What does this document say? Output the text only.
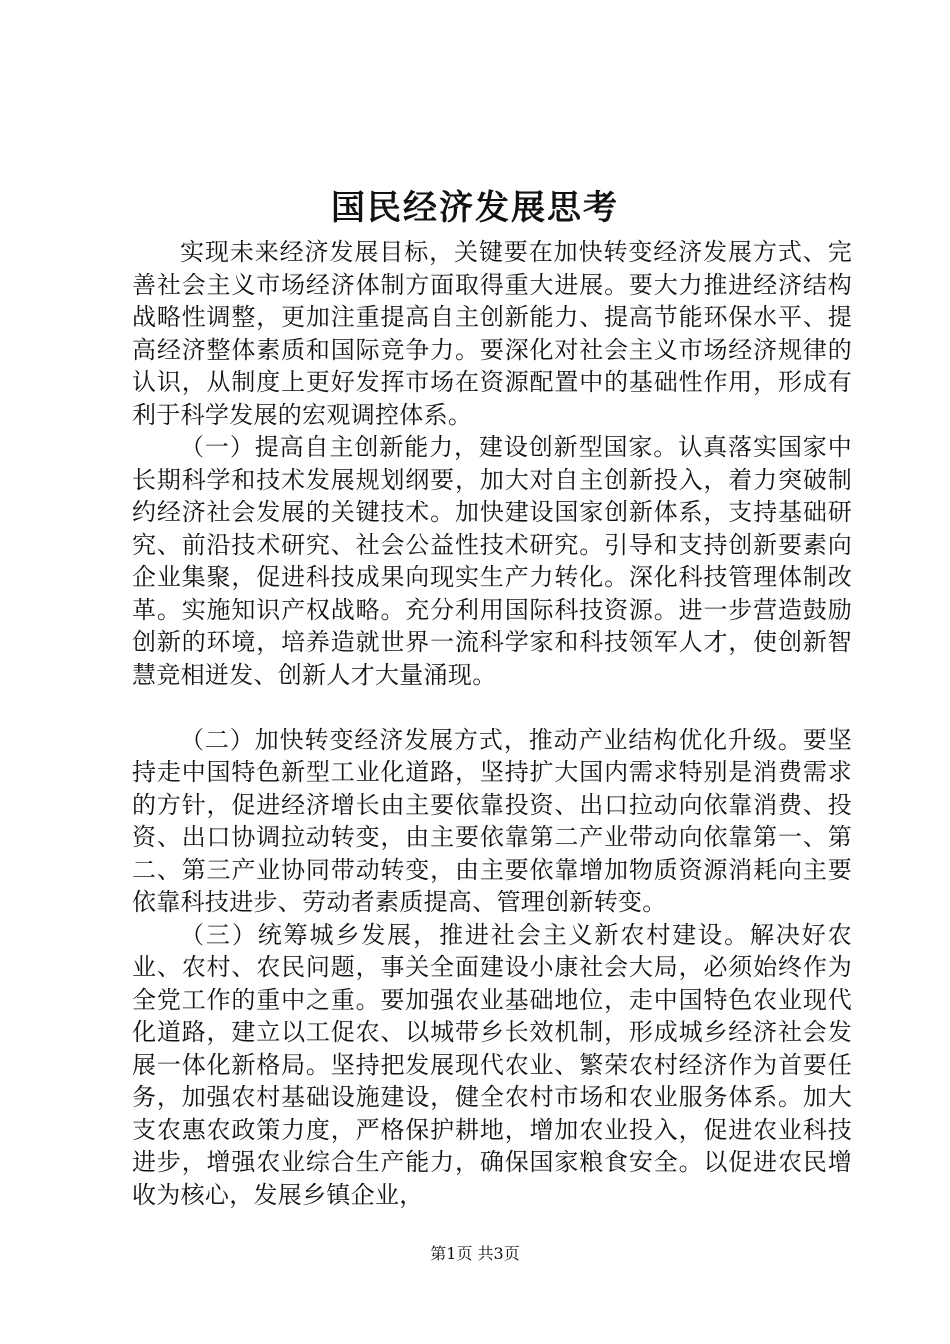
国民经济发展思考

实现未来经济发展目标，关键要在加快转变经济发展方式、完善社会主义市场经济体制方面取得重大进展。要大力推进经济结构战略性调整，更加注重提高自主创新能力、提高节能环保水平、提高经济整体素质和国际竞争力。要深化对社会主义市场经济规律的认识，从制度上更好发挥市场在资源配置中的基础性作用，形成有利于科学发展的宏观调控体系。

（一）提高自主创新能力，建设创新型国家。认真落实国家中长期科学和技术发展规划纲要，加大对自主创新投入，着力突破制约经济社会发展的关键技术。加快建设国家创新体系，支持基础研究、前沿技术研究、社会公益性技术研究。引导和支持创新要素向企业集聚，促进科技成果向现实生产力转化。深化科技管理体制改革。实施知识产权战略。充分利用国际科技资源。进一步营造鼓励创新的环境，培养造就世界一流科学家和科技领军人才，使创新智慧竞相迸发、创新人才大量涌现。

（二）加快转变经济发展方式，推动产业结构优化升级。要坚持走中国特色新型工业化道路，坚持扩大国内需求特别是消费需求的方针，促进经济增长由主要依靠投资、出口拉动向依靠消费、投资、出口协调拉动转变，由主要依靠第二产业带动向依靠第一、第二、第三产业协同带动转变，由主要依靠增加物质资源消耗向主要依靠科技进步、劳动者素质提高、管理创新转变。

（三）统筹城乡发展，推进社会主义新农村建设。解决好农业、农村、农民问题，事关全面建设小康社会大局，必须始终作为全党工作的重中之重。要加强农业基础地位，走中国特色农业现代化道路，建立以工促农、以城带乡长效机制，形成城乡经济社会发展一体化新格局。坚持把发展现代农业、繁荣农村经济作为首要任务，加强农村基础设施建设，健全农村市场和农业服务体系。加大支农惠农政策力度，严格保护耕地，增加农业投入，促进农业科技进步，增强农业综合生产能力，确保国家粮食安全。以促进农民增收为核心，发展乡镇企业，

第1页 共3页
